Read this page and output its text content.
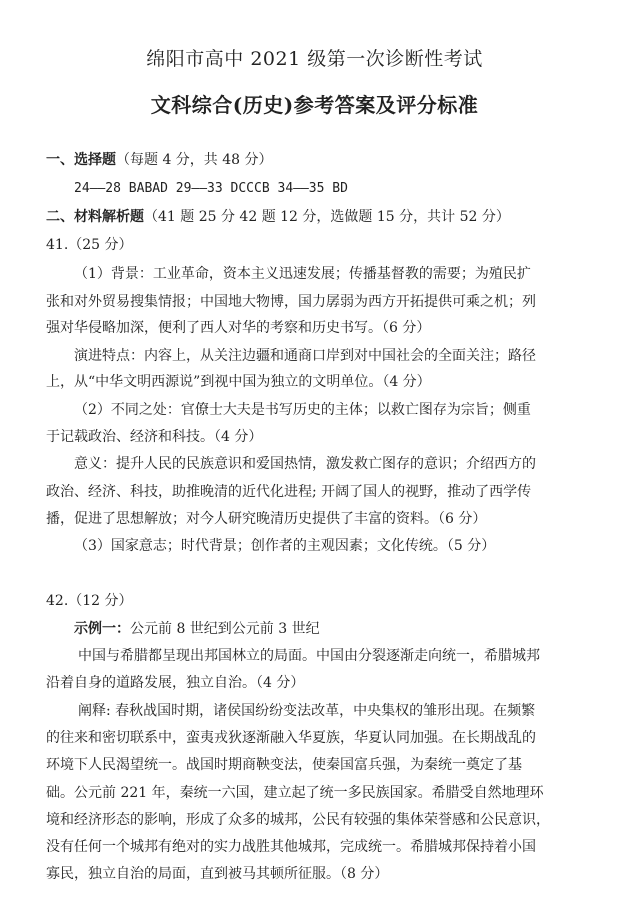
绵阳市高中 2021 级第一次诊断性考试
文科综合(历史)参考答案及评分标准
一、选择题（每题 4 分，共 48 分）
24——28 BABAD 29——33 DCCCB 34——35 BD
二、材料解析题（41 题 25 分 42 题 12 分，选做题 15 分，共计 52 分）
41.（25 分）
（1）背景：工业革命，资本主义迅速发展；传播基督教的需要；为殖民扩
张和对外贸易搜集情报；中国地大物博，国力孱弱为西方开拓提供可乘之机；列
强对华侵略加深，便利了西人对华的考察和历史书写。（6 分）
演进特点：内容上，从关注边疆和通商口岸到对中国社会的全面关注；路径
上，从“中华文明西源说”到视中国为独立的文明单位。（4 分）
（2）不同之处：官僚士大夫是书写历史的主体；以救亡图存为宗旨；侧重
于记载政治、经济和科技。（4 分）
意义：提升人民的民族意识和爱国热情，激发救亡图存的意识；介绍西方的
政治、经济、科技，助推晚清的近代化进程; 开阔了国人的视野，推动了西学传
播，促进了思想解放；对今人研究晚清历史提供了丰富的资料。（6 分）
（3）国家意志；时代背景；创作者的主观因素；文化传统。（5 分）
42.（12 分）
示例一：公元前 8 世纪到公元前 3 世纪
中国与希腊都呈现出邦国林立的局面。中国由分裂逐渐走向统一，希腊城邦
沿着自身的道路发展，独立自治。（4 分）
阐释: 春秋战国时期，诸侯国纷纷变法改革，中央集权的雏形出现。在频繁
的往来和密切联系中，蛮夷戎狄逐渐融入华夏族，华夏认同加强。在长期战乱的
环境下人民渴望统一。战国时期商鞅变法，使秦国富兵强，为秦统一奠定了基
础。公元前 221 年，秦统一六国，建立起了统一多民族国家。希腊受自然地理环
境和经济形态的影响，形成了众多的城邦，公民有较强的集体荣誉感和公民意识，
没有任何一个城邦有绝对的实力战胜其他城邦，完成统一。希腊城邦保持着小国
寡民，独立自治的局面，直到被马其顿所征服。（8 分）
